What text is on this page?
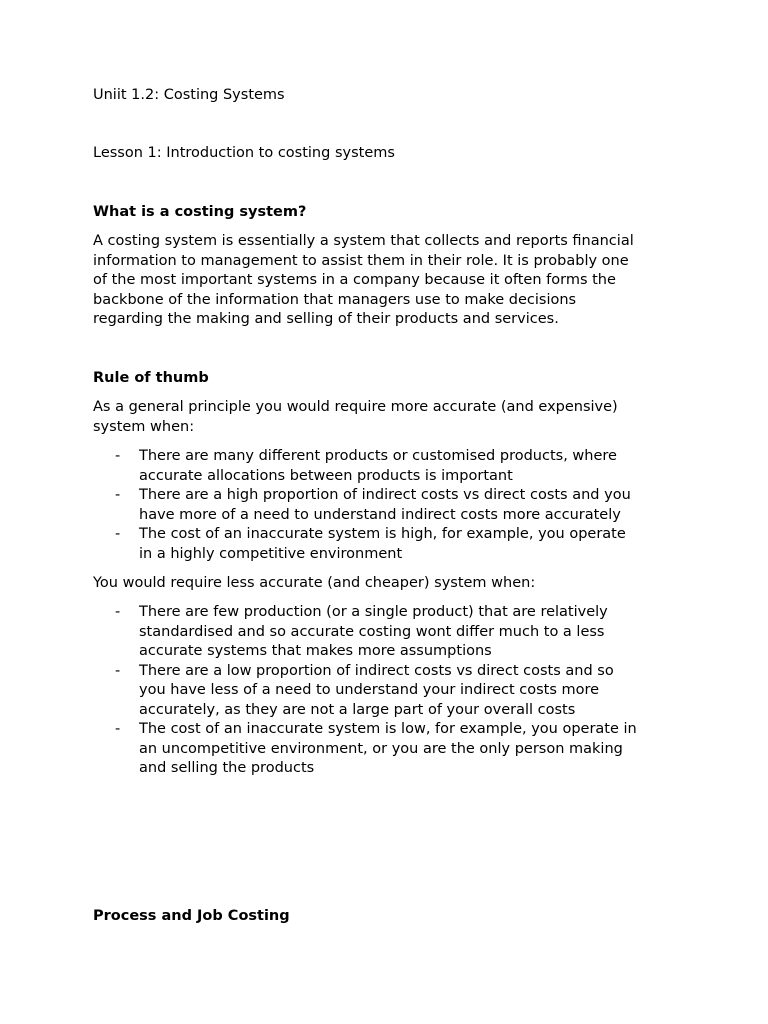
Uniit 1.2: Costing Systems
Lesson 1: Introduction to costing systems
What is a costing system?
A costing system is essentially a system that collects and reports financial
information to management to assist them in their role. It is probably one
of the most important systems in a company because it often forms the
backbone of the information that managers use to make decisions
regarding the making and selling of their products and services.
Rule of thumb
As a general principle you would require more accurate (and expensive)
system when:
- There are many different products or customised products, where
accurate allocations between products is important
- There are a high proportion of indirect costs vs direct costs and you
have more of a need to understand indirect costs more accurately
- The cost of an inaccurate system is high, for example, you operate
in a highly competitive environment
You would require less accurate (and cheaper) system when:
- There are few production (or a single product) that are relatively
standardised and so accurate costing wont differ much to a less
accurate systems that makes more assumptions
- There are a low proportion of indirect costs vs direct costs and so
you have less of a need to understand your indirect costs more
accurately, as they are not a large part of your overall costs
- The cost of an inaccurate system is low, for example, you operate in
an uncompetitive environment, or you are the only person making
and selling the products
Process and Job Costing
